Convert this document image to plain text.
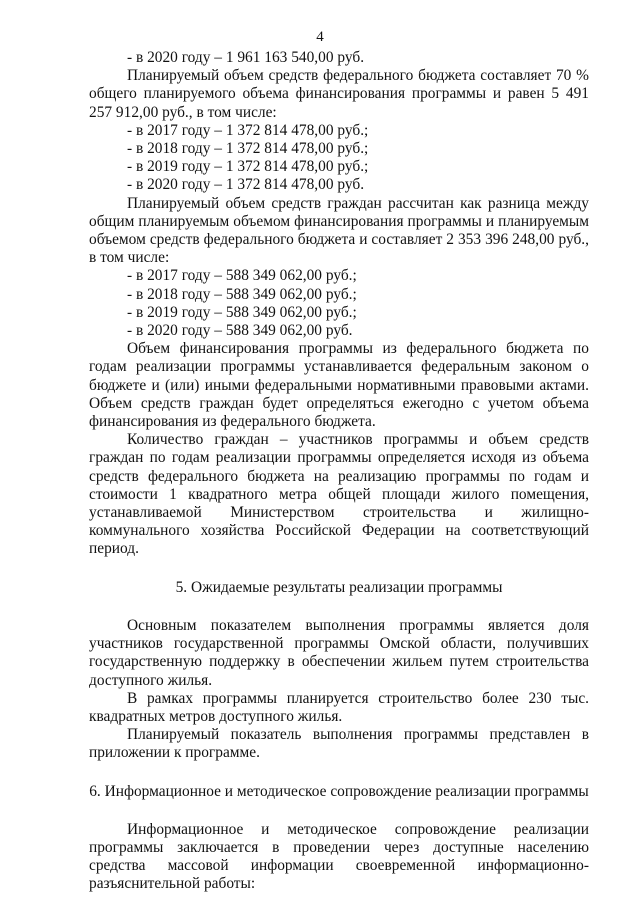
4

- в 2020 году – 1 961 163 540,00 руб.

Планируемый объем средств федерального бюджета составляет 70 % общего планируемого объема финансирования программы и равен 5 491 257 912,00 руб., в том числе:

- в 2017 году – 1 372 814 478,00 руб.;

- в 2018 году – 1 372 814 478,00 руб.;

- в 2019 году – 1 372 814 478,00 руб.;

- в 2020 году – 1 372 814 478,00 руб.

Планируемый объем средств граждан рассчитан как разница между общим планируемым объемом финансирования программы и планируемым объемом средств федерального бюджета и составляет 2 353 396 248,00 руб., в том числе:

- в 2017 году – 588 349 062,00 руб.;

- в 2018 году – 588 349 062,00 руб.;

- в 2019 году – 588 349 062,00 руб.;

- в 2020 году – 588 349 062,00 руб.

Объем финансирования программы из федерального бюджета по годам реализации программы устанавливается федеральным законом о бюджете и (или) иными федеральными нормативными правовыми актами. Объем средств граждан будет определяться ежегодно с учетом объема финансирования из федерального бюджета.

Количество граждан – участников программы и объем средств граждан по годам реализации программы определяется исходя из объема средств федерального бюджета на реализацию программы по годам и стоимости 1 квадратного метра общей площади жилого помещения, устанавливаемой Министерством строительства и жилищно-коммунального хозяйства Российской Федерации на соответствующий период.

5. Ожидаемые результаты реализации программы

Основным показателем выполнения программы является доля участников государственной программы Омской области, получивших государственную поддержку в обеспечении жильем путем строительства доступного жилья.

В рамках программы планируется строительство более 230 тыс. квадратных метров доступного жилья.

Планируемый показатель выполнения программы представлен в приложении к программе.

6. Информационное и методическое сопровождение реализации программы

Информационное и методическое сопровождение реализации программы заключается в проведении через доступные населению средства массовой информации своевременной информационно-разъяснительной работы:
